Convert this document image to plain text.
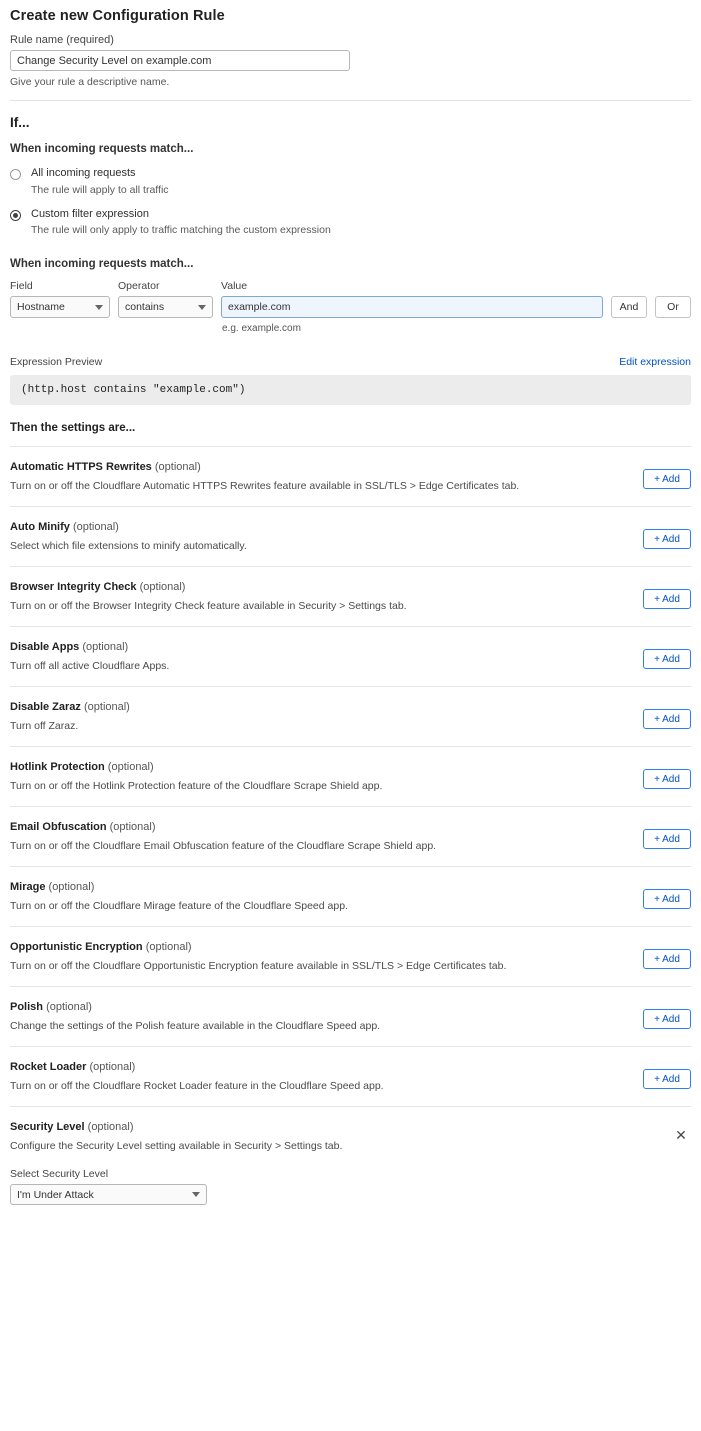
Create new Configuration Rule
Rule name (required)
Change Security Level on example.com
Give your rule a descriptive name.
If...
When incoming requests match...
All incoming requests
The rule will apply to all traffic
Custom filter expression
The rule will only apply to traffic matching the custom expression
When incoming requests match...
Field
Hostname
Operator
contains
Value
example.com
And	Or
e.g. example.com
Expression Preview	Edit expression
(http.host contains "example.com")
Then the settings are...
Automatic HTTPS Rewrites (optional)
Turn on or off the Cloudflare Automatic HTTPS Rewrites feature available in SSL/TLS > Edge Certificates tab.
+ Add
Auto Minify (optional)
Select which file extensions to minify automatically.
+ Add
Browser Integrity Check (optional)
Turn on or off the Browser Integrity Check feature available in Security > Settings tab.
+ Add
Disable Apps (optional)
Turn off all active Cloudflare Apps.
+ Add
Disable Zaraz (optional)
Turn off Zaraz.
+ Add
Hotlink Protection (optional)
Turn on or off the Hotlink Protection feature of the Cloudflare Scrape Shield app.
+ Add
Email Obfuscation (optional)
Turn on or off the Cloudflare Email Obfuscation feature of the Cloudflare Scrape Shield app.
+ Add
Mirage (optional)
Turn on or off the Cloudflare Mirage feature of the Cloudflare Speed app.
+ Add
Opportunistic Encryption (optional)
Turn on or off the Cloudflare Opportunistic Encryption feature available in SSL/TLS > Edge Certificates tab.
+ Add
Polish (optional)
Change the settings of the Polish feature available in the Cloudflare Speed app.
+ Add
Rocket Loader (optional)
Turn on or off the Cloudflare Rocket Loader feature in the Cloudflare Speed app.
+ Add
Security Level (optional)	✕
Configure the Security Level setting available in Security > Settings tab.
Select Security Level
I'm Under Attack
